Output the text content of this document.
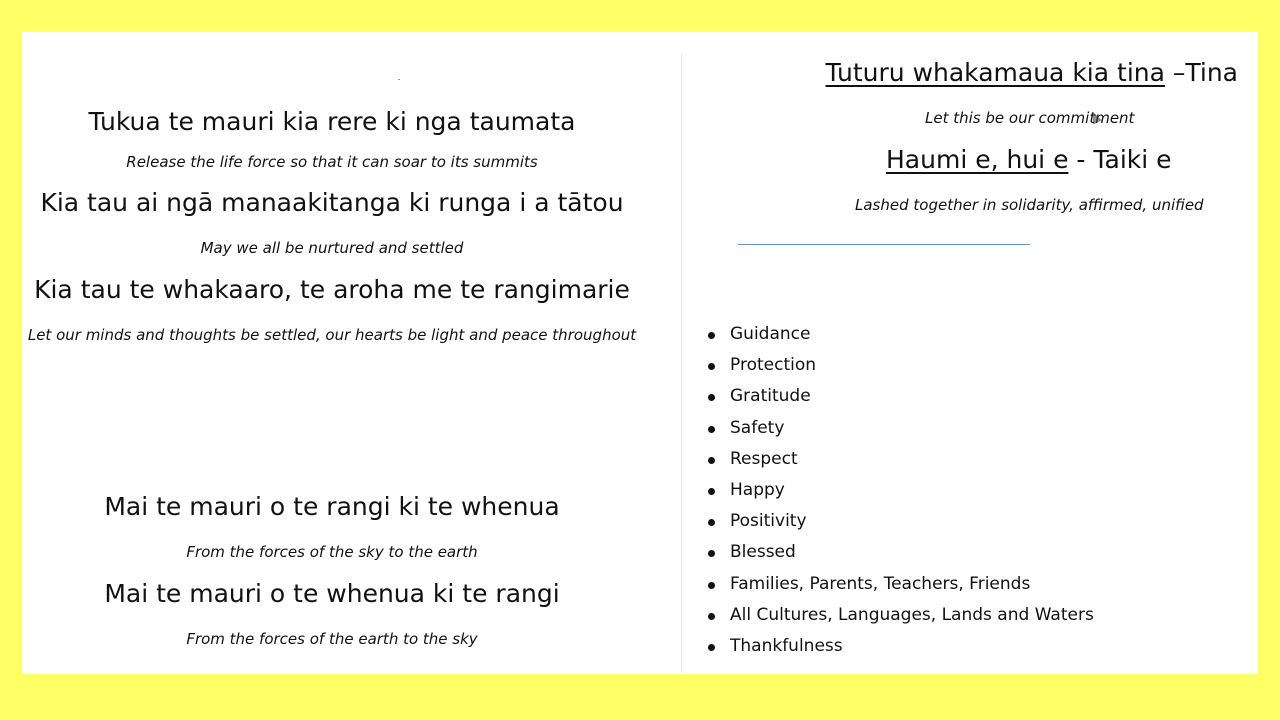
Tukua te mauri kia rere ki nga taumata
Release the life force so that it can soar to its summits
Kia tau ai ngā manaakitanga ki runga i a tātou
May we all be nurtured and settled
Kia tau te whakaaro, te aroha me te rangimarie
Let our minds and thoughts be settled, our hearts be light and peace throughout
Mai te mauri o te rangi ki te whenua
From the forces of the sky to the earth
Mai te mauri o te whenua ki te rangi
From the forces of the earth to the sky
Tuturu whakamaua kia tina –Tina
Let this be our commitment
Haumi e, hui e - Taiki e
Lashed together in solidarity, affirmed, unified
Guidance
Protection
Gratitude
Safety
Respect
Happy
Positivity
Blessed
Families, Parents, Teachers, Friends
All Cultures, Languages, Lands and Waters
Thankfulness
